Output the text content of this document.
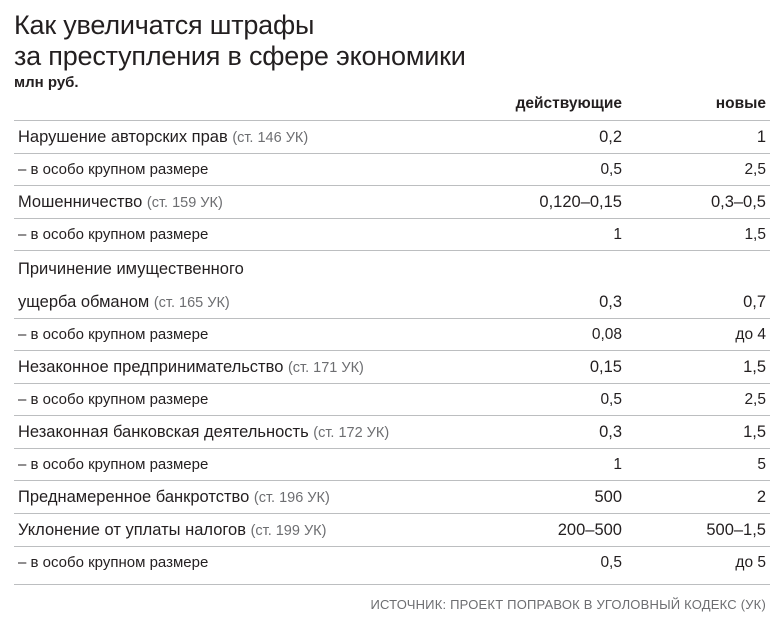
Как увеличатся штрафы
за преступления в сфере экономики
млн руб.
	действующие	новые
Нарушение авторских прав (ст. 146 УК)	0,2	1
– в особо крупном размере	0,5	2,5
Мошенничество (ст. 159 УК)	0,120–0,15	0,3–0,5
– в особо крупном размере	1	1,5
Причинение имущественного		
ущерба обманом (ст. 165 УК)	0,3	0,7
– в особо крупном размере	0,08	до 4
Незаконное предпринимательство (ст. 171 УК)	0,15	1,5
– в особо крупном размере	0,5	2,5
Незаконная банковская деятельность (ст. 172 УК)	0,3	1,5
– в особо крупном размере	1	5
Преднамеренное банкротство (ст. 196 УК)	500	2
Уклонение от уплаты налогов (ст. 199 УК)	200–500	500–1,5
– в особо крупном размере	0,5	до 5
ИСТОЧНИК: ПРОЕКТ ПОПРАВОК В УГОЛОВНЫЙ КОДЕКС (УК)
